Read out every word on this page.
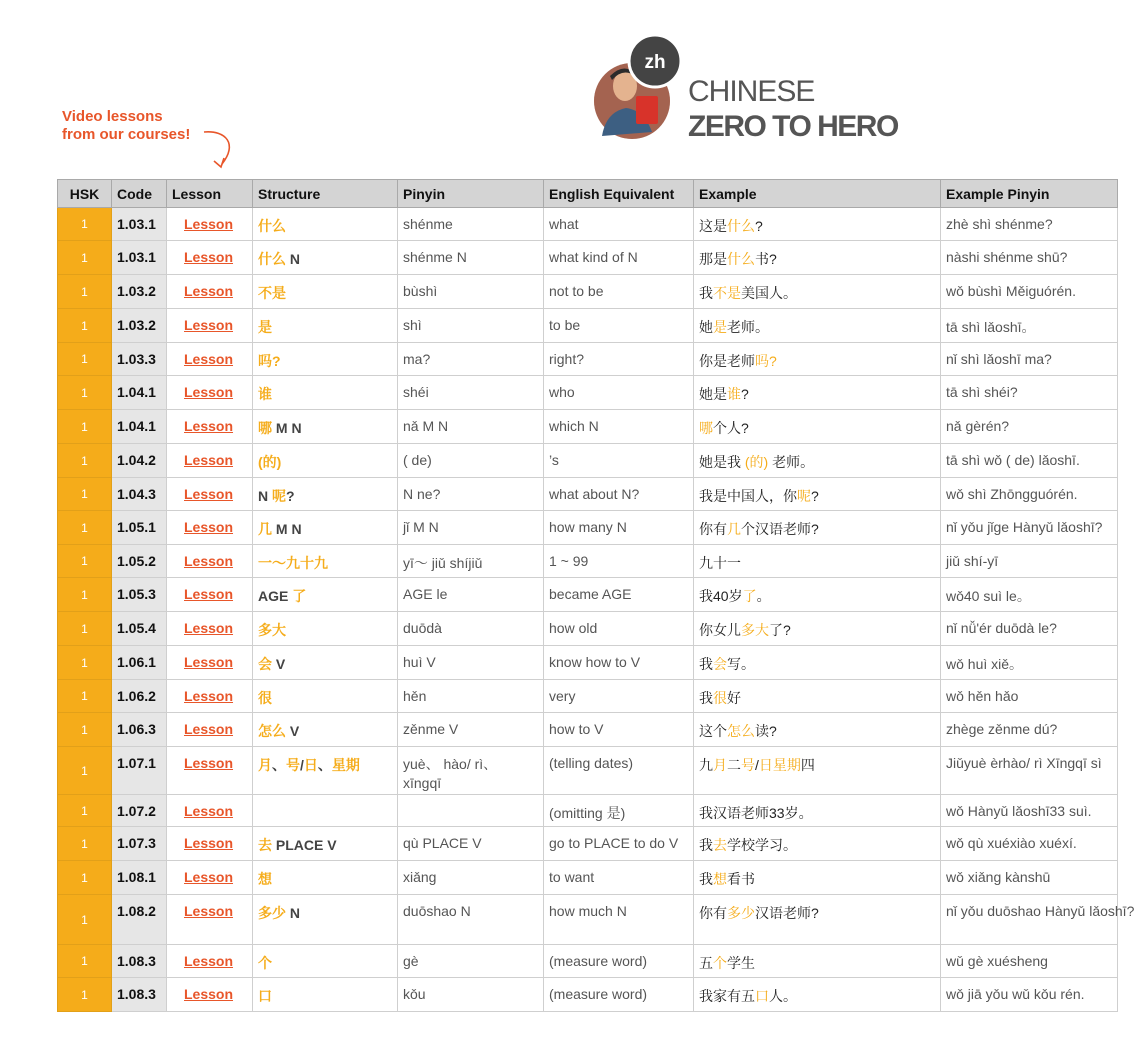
Video lessons
from our courses!
zh
CHINESE
ZERO TO HERO
HSK	Code	Lesson	Structure	Pinyin	English Equivalent	Example	Example Pinyin
1	1.03.1	Lesson	什么	shénme	what	这是什么?	zhè shì shénme?
1	1.03.1	Lesson	什么 N	shénme N	what kind of N	那是什么书?	nàshi shénme shū?
1	1.03.2	Lesson	不是	bùshì	not to be	我不是美国人。	wǒ bùshì Měiguórén.
1	1.03.2	Lesson	是	shì	to be	她是老师。	tā shì lǎoshī。
1	1.03.3	Lesson	吗?	ma?	right?	你是老师吗?	nǐ shì lǎoshī ma?
1	1.04.1	Lesson	谁	shéi	who	她是谁?	tā shì shéi?
1	1.04.1	Lesson	哪 M N	nǎ M N	which N	哪个人?	nǎ gèrén?
1	1.04.2	Lesson	(的)	( de)	’s	她是我 (的) 老师。	tā shì wǒ ( de) lǎoshī.
1	1.04.3	Lesson	N 呢?	N ne?	what about N?	我是中国人，你呢?	wǒ shì Zhōngguórén.
1	1.05.1	Lesson	几 M N	jǐ M N	how many N	你有几个汉语老师?	nǐ yǒu jǐge Hànyǔ lǎoshī?
1	1.05.2	Lesson	一～九十九	yī～ jiǔ shíjiǔ	1 ~ 99	九十一	jiǔ shí-yī
1	1.05.3	Lesson	AGE 了	AGE le	became AGE	我40岁了。	wǒ40 suì le。
1	1.05.4	Lesson	多大	duōdà	how old	你女儿多大了?	nǐ nǚ'ér duōdà le?
1	1.06.1	Lesson	会 V	huì V	know how to V	我会写。	wǒ huì xiě。
1	1.06.2	Lesson	很	hěn	very	我很好	wǒ hěn hǎo
1	1.06.3	Lesson	怎么 V	zěnme V	how to V	这个怎么读?	zhège zěnme dú?
1	1.07.1	Lesson	月、号/日、星期	yuè、 hào/ rì、 xīngqī	(telling dates)	九月二号/日星期四	Jiǔyuè èrhào/ rì Xīngqī sì
1	1.07.2	Lesson			(omitting 是)	我汉语老师33岁。	wǒ Hànyǔ lǎoshī33 suì.
1	1.07.3	Lesson	去 PLACE V	qù PLACE V	go to PLACE to do V	我去学校学习。	wǒ qù xuéxiào xuéxí.
1	1.08.1	Lesson	想	xiǎng	to want	我想看书	wǒ xiǎng kànshū
1	1.08.2	Lesson	多少 N	duōshao N	how much N	你有多少汉语老师?	nǐ yǒu duōshao Hànyǔ lǎoshī?
1	1.08.3	Lesson	个	gè	(measure word)	五个学生	wǔ gè xuésheng
1	1.08.3	Lesson	口	kǒu	(measure word)	我家有五口人。	wǒ jiā yǒu wǔ kǒu rén.
